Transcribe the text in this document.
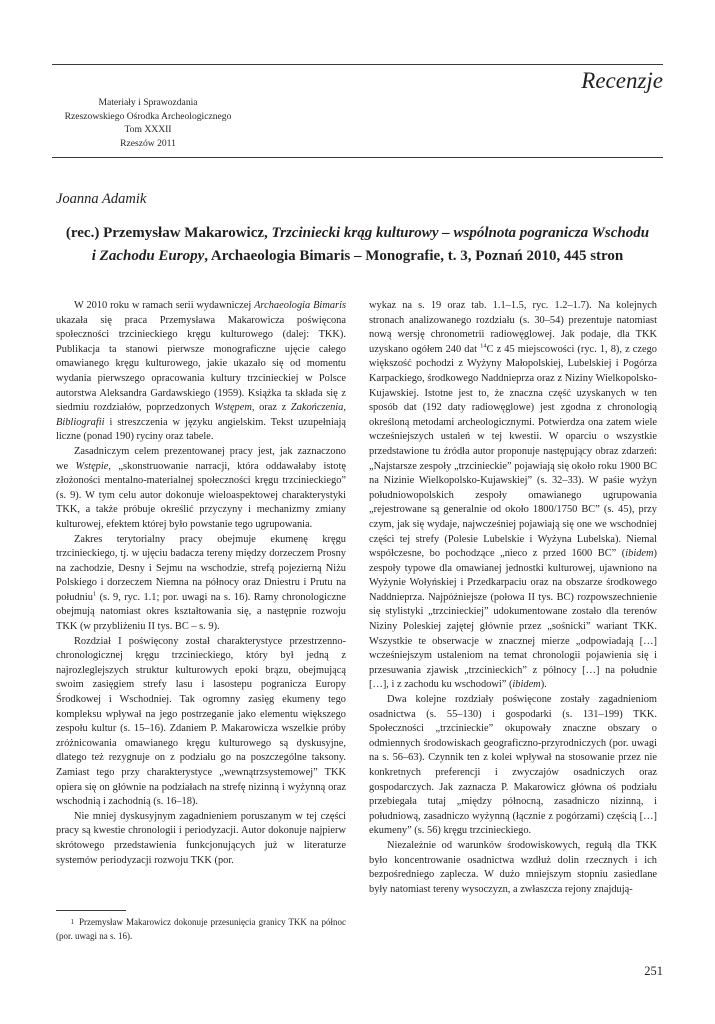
Recenzje
Materiały i Sprawozdania
Rzeszowskiego Ośrodka Archeologicznego
Tom XXXII
Rzeszów 2011
Joanna Adamik
(rec.) Przemysław Makarowicz, Trzciniecki krąg kulturowy – wspólnota pogranicza Wschodu
i Zachodu Europy, Archaeologia Bimaris – Monografie, t. 3, Poznań 2010, 445 stron

W 2010 roku w ramach serii wydawniczej Archaeologia Bimaris ukazała się praca Przemysława Makarowicza poświęcona społeczności trzcinieckiego kręgu kulturowego (dalej: TKK). Publikacja ta stanowi pierwsze monograficzne ujęcie całego omawianego kręgu kulturowego, jakie ukazało się od momentu wydania pierwszego opracowania kultury trzcinieckiej w Polsce autorstwa Aleksandra Gardawskiego (1959). Książka ta składa się z siedmiu rozdziałów, poprzedzonych Wstępem, oraz z Zakończenia, Bibliografii i streszczenia w języku angielskim. Tekst uzupełniają liczne (ponad 190) ryciny oraz tabele.

Zasadniczym celem prezentowanej pracy jest, jak zaznaczono we Wstępie, „skonstruowanie narracji, która oddawałaby istotę złożoności mentalno-materialnej społeczności kręgu trzcinieckiego” (s. 9). W tym celu autor dokonuje wieloaspektowej charakterystyki TKK, a także próbuje określić przyczyny i mechanizmy zmiany kulturowej, efektem której było powstanie tego ugrupowania.

Zakres terytorialny pracy obejmuje ekumenę kręgu trzcinieckiego, tj. w ujęciu badacza tereny między dorzeczem Prosny na zachodzie, Desny i Sejmu na wschodzie, strefą pojezierną Niżu Polskiego i dorzeczem Niemna na północy oraz Dniestru i Prutu na południu$^1$ (s. 9, ryc. 1.1; por. uwagi na s. 16). Ramy chronologiczne obejmują natomiast okres kształtowania się, a następnie rozwoju TKK (w przybliżeniu II tys. BC – s. 9).

Rozdział I poświęcony został charakterystyce przestrzenno-chronologicznej kręgu trzcinieckiego, który był jedną z najrozleglejszych struktur kulturowych epoki brązu, obejmującą swoim zasięgiem strefy lasu i lasostepu pogranicza Europy Środkowej i Wschodniej. Tak ogromny zasięg ekumeny tego kompleksu wpływał na jego postrzeganie jako elementu większego zespołu kultur (s. 15–16). Zdaniem P. Makarowicza wszelkie próby zróżnicowania omawianego kręgu kulturowego są dyskusyjne, dlatego też rezygnuje on z podziału go na poszczególne taksony. Zamiast tego przy charakterystyce „wewnątrzsystemowej” TKK opiera się on głównie na podziałach na strefę nizinną i wyżynną oraz wschodnią i zachodnią (s. 16–18).

Nie mniej dyskusyjnym zagadnieniem poruszanym w tej części pracy są kwestie chronologii i periodyzacji. Autor dokonuje najpierw skrótowego przedstawienia funkcjonujących już w literaturze systemów periodyzacji rozwoju TKK (por.

wykaz na s. 19 oraz tab. 1.1–1.5, ryc. 1.2–1.7). Na kolejnych stronach analizowanego rozdziału (s. 30–54) prezentuje natomiast nową wersję chronometrii radiowęglowej. Jak podaje, dla TKK uzyskano ogółem 240 dat $^{14}$C z 45 miejscowości (ryc. 1, 8), z czego większość pochodzi z Wyżyny Małopolskiej, Lubelskiej i Pogórza Karpackiego, środkowego Naddnieprza oraz z Niziny Wielkopolsko-Kujawskiej. Istotne jest to, że znaczna część uzyskanych w ten sposób dat (192 daty radiowęglowe) jest zgodna z chronologią określoną metodami archeologicznymi. Potwierdza ona zatem wiele wcześniejszych ustaleń w tej kwestii. W oparciu o wszystkie przedstawione tu źródła autor proponuje następujący obraz zdarzeń: „Najstarsze zespoły „trzcinieckie” pojawiają się około roku 1900 BC na Nizinie Wielkopolsko-Kujawskiej” (s. 32–33). W paśie wyżyn południowopolskich zespoły omawianego ugrupowania „rejestrowane są generalnie od około 1800/1750 BC” (s. 45), przy czym, jak się wydaje, najwcześniej pojawiają się one we wschodniej części tej strefy (Polesie Lubelskie i Wyżyna Lubelska). Niemal współczesne, bo pochodzące „nieco z przed 1600 BC” (ibidem) zespoły typowe dla omawianej jednostki kulturowej, ujawniono na Wyżynie Wołyńskiej i Przedkarpaciu oraz na obszarze środkowego Naddnieprza. Najpóźniejsze (połowa II tys. BC) rozpowszechnienie się stylistyki „trzcinieckiej” udokumentowane zostało dla terenów Niziny Poleskiej zajętej głównie przez „sośnicki” wariant TKK. Wszystkie te obserwacje w znacznej mierze „odpowiadają […] wcześniejszym ustaleniom na temat chronologii pojawienia się i przesuwania zjawisk „trzcinieckich” z północy […] na południe […], i z zachodu ku wschodowi” (ibidem).

Dwa kolejne rozdziały poświęcone zostały zagadnieniom osadnictwa (s. 55–130) i gospodarki (s. 131–199) TKK. Społeczności „trzcinieckie” okupowały znaczne obszary o odmiennych środowiskach geograficzno-przyrodniczych (por. uwagi na s. 56–63). Czynnik ten z kolei wpływał na stosowanie przez nie konkretnych preferencji i zwyczajów osadniczych oraz gospodarczych. Jak zaznacza P. Makarowicz główna oś podziału przebiegała tutaj „między północną, zasadniczo nizinną, i południową, zasadniczo wyżynną (łącznie z pogórzami) częścią […] ekumeny” (s. 56) kręgu trzcinieckiego.

Niezależnie od warunków środowiskowych, regułą dla TKK było koncentrowanie osadnictwa wzdłuż dolin rzecznych i ich bezpośredniego zaplecza. W dużo mniejszym stopniu zasiedlane były natomiast tereny wysoczyzn, a zwłaszcza rejony znajdują-

1 Przemysław Makarowicz dokonuje przesunięcia granicy TKK na północ (por. uwagi na s. 16).
251
